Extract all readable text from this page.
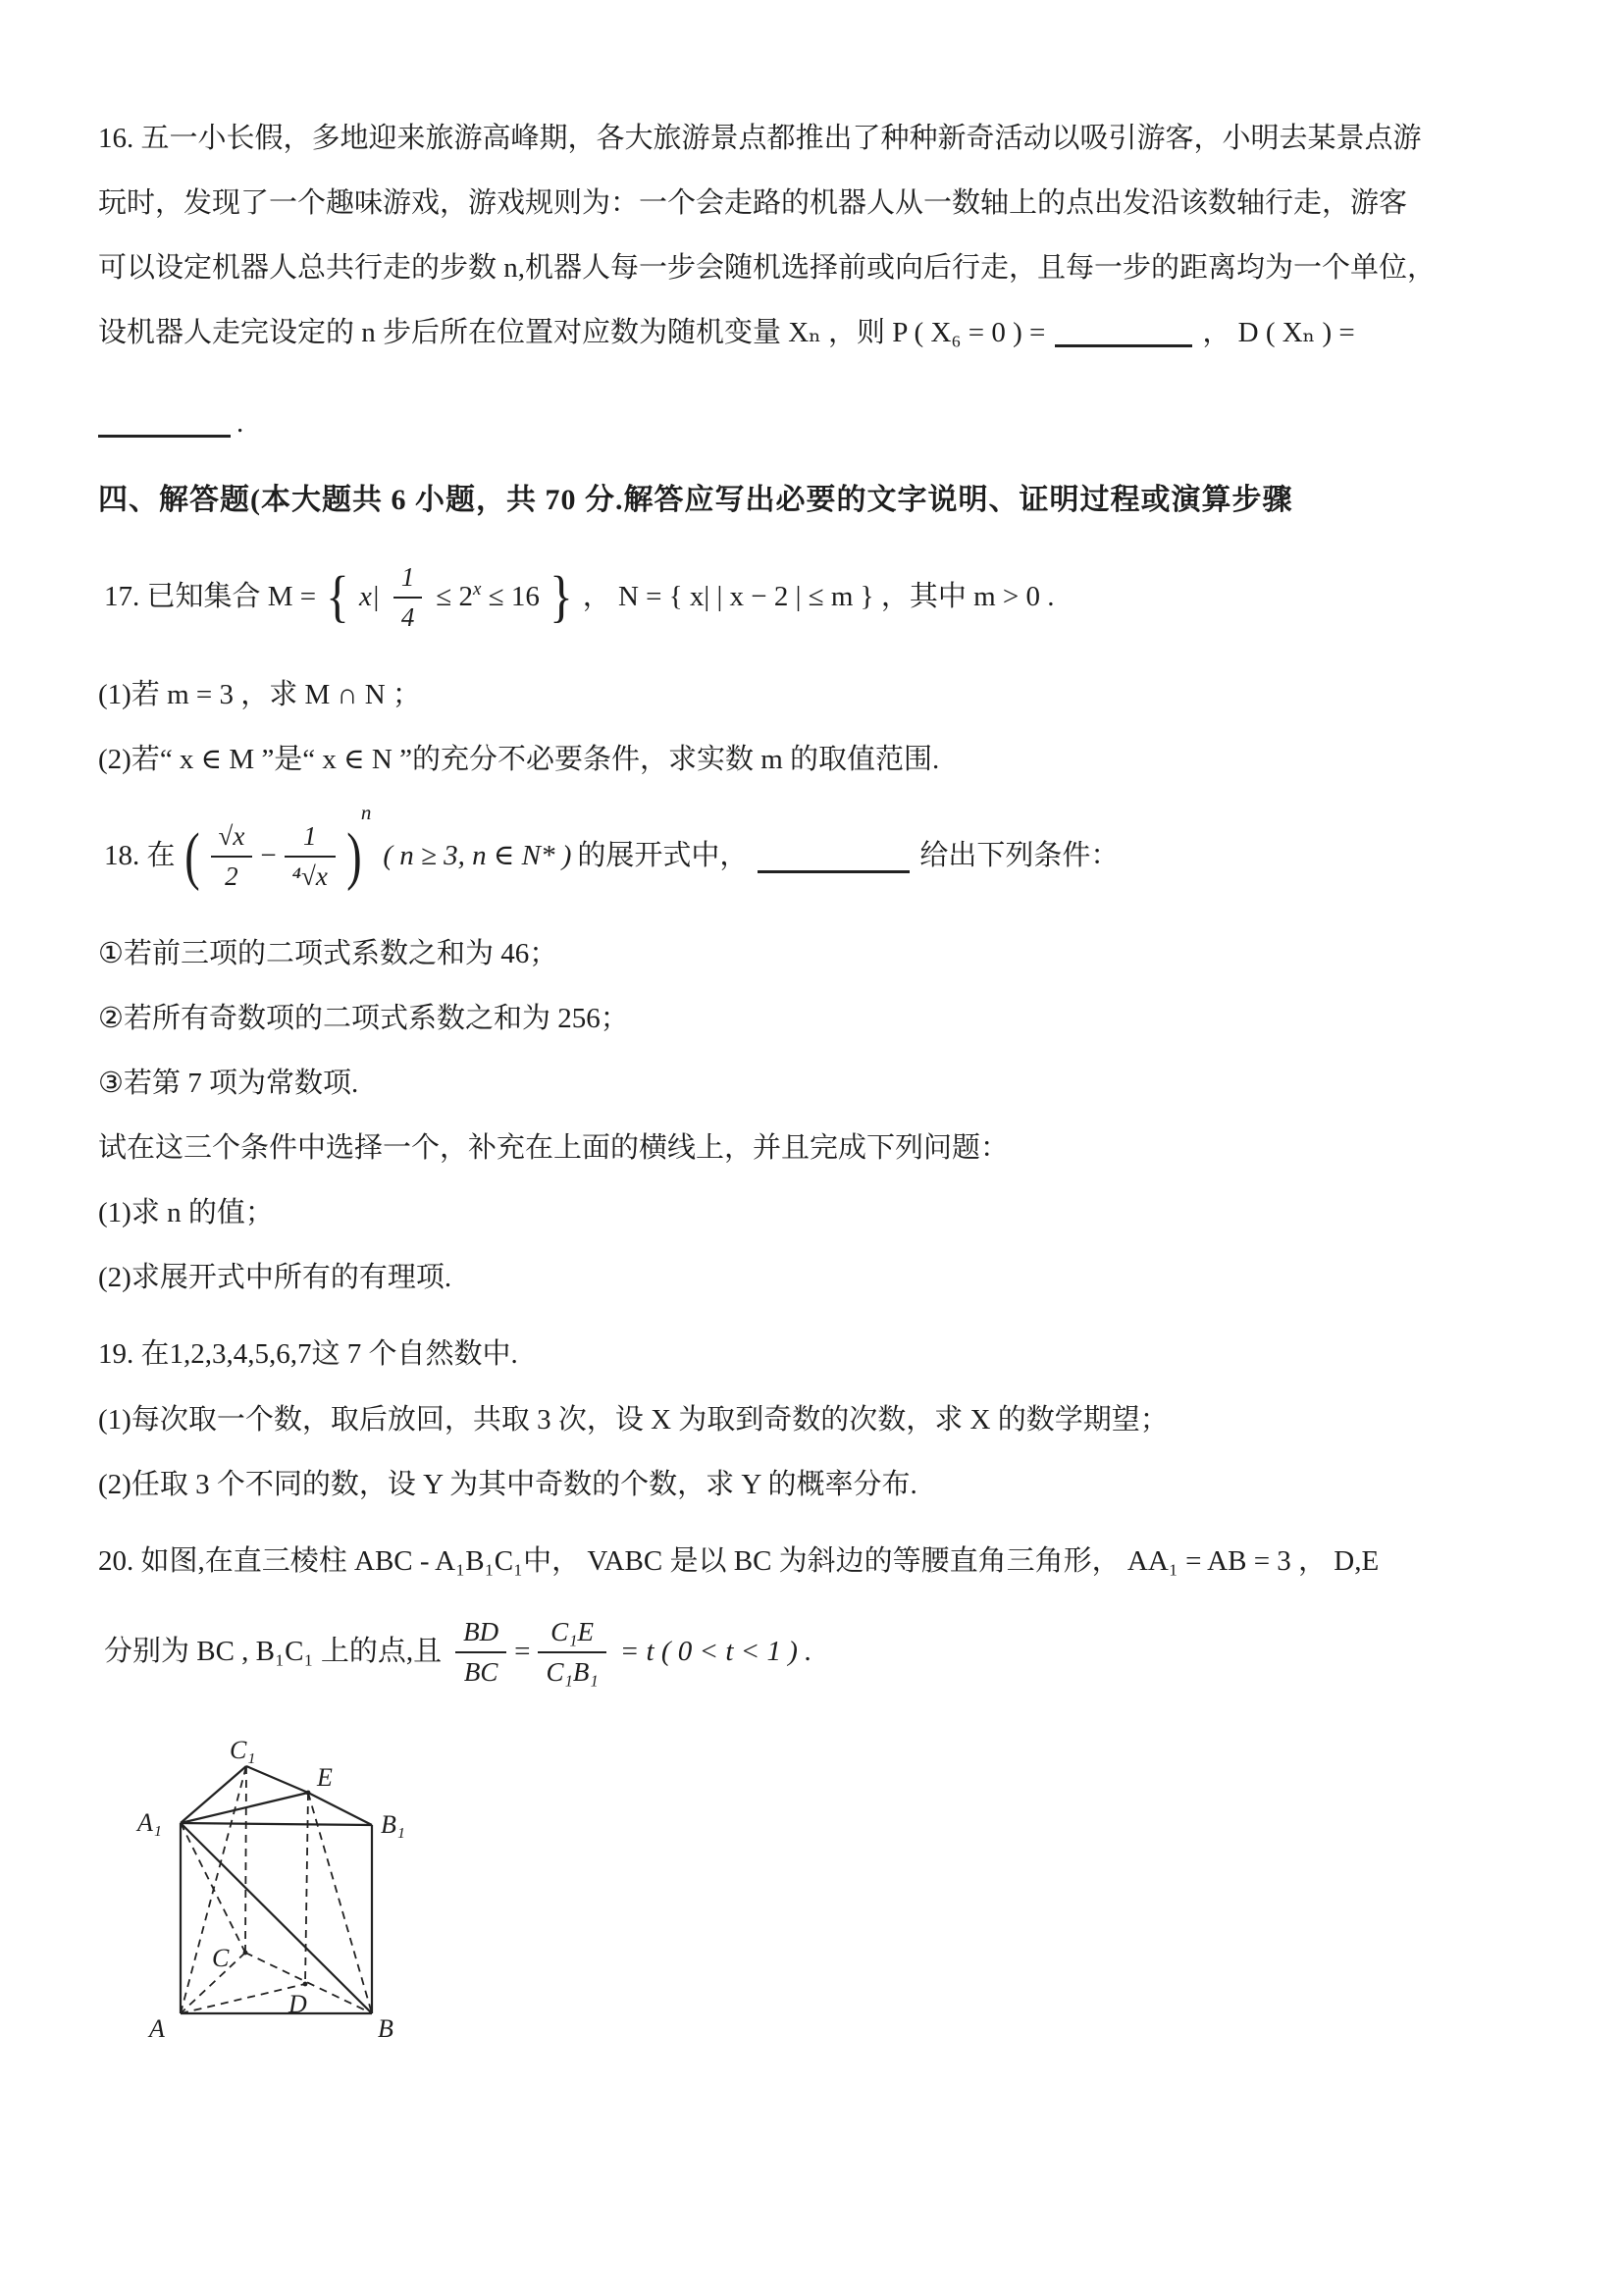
16. 五一小长假，多地迎来旅游高峰期，各大旅游景点都推出了种种新奇活动以吸引游客，小明去某景点游

玩时，发现了一个趣味游戏，游戏规则为：一个会走路的机器人从一数轴上的点出发沿该数轴行走，游客

可以设定机器人总共行走的步数 n,机器人每一步会随机选择前或向后行走，且每一步的距离均为一个单位，

设机器人走完设定的 n 步后所在位置对应数为随机变量 Xₙ ，则 P ( X₆ = 0 ) =	， D ( Xₙ ) =

.

四、解答题(本大题共 6 小题，共 70 分.解答应写出必要的文字说明、证明过程或演算步骤

17. 已知集合 M = { $x| \frac{1}{4} \le 2^x \le 16$ } ， N = { x| | x − 2 | ≤ m } ，其中 m > 0 .

(1)若 m = 3 ，求 M ∩ N ；

(2)若“ x ∈ M ”是“ x ∈ N ”的充分不必要条件，求实数 m 的取值范围.

18. 在 ( $\frac{√x}{2} - \frac{1}{\text{⁴√x}}$ )
n
( n ≥ 3, n ∈ N* ) 的展开式中，	给出下列条件：

①若前三项的二项式系数之和为 46；

②若所有奇数项的二项式系数之和为 256；

③若第 7 项为常数项.

试在这三个条件中选择一个，补充在上面的横线上，并且完成下列问题：

(1)求 n 的值；

(2)求展开式中所有的有理项.

19. 在1,2,3,4,5,6,7这 7 个自然数中.

(1)每次取一个数，取后放回，共取 3 次，设 X 为取到奇数的次数，求 X 的数学期望；

(2)任取 3 个不同的数，设 Y 为其中奇数的个数，求 Y 的概率分布.

20. 如图,在直三棱柱 ABC - A₁B₁C₁中， VABC 是以 BC 为斜边的等腰直角三角形， AA₁ = AB = 3 ， D,E

分别为 BC , B₁C₁ 上的点,且 $\frac{BD}{BC} = \frac{\text{C₁E}}{\text{C₁B₁}} = t$ ( 0 < t < 1 ) .
C₁
E
A₁	B₁
C
D
A	B
